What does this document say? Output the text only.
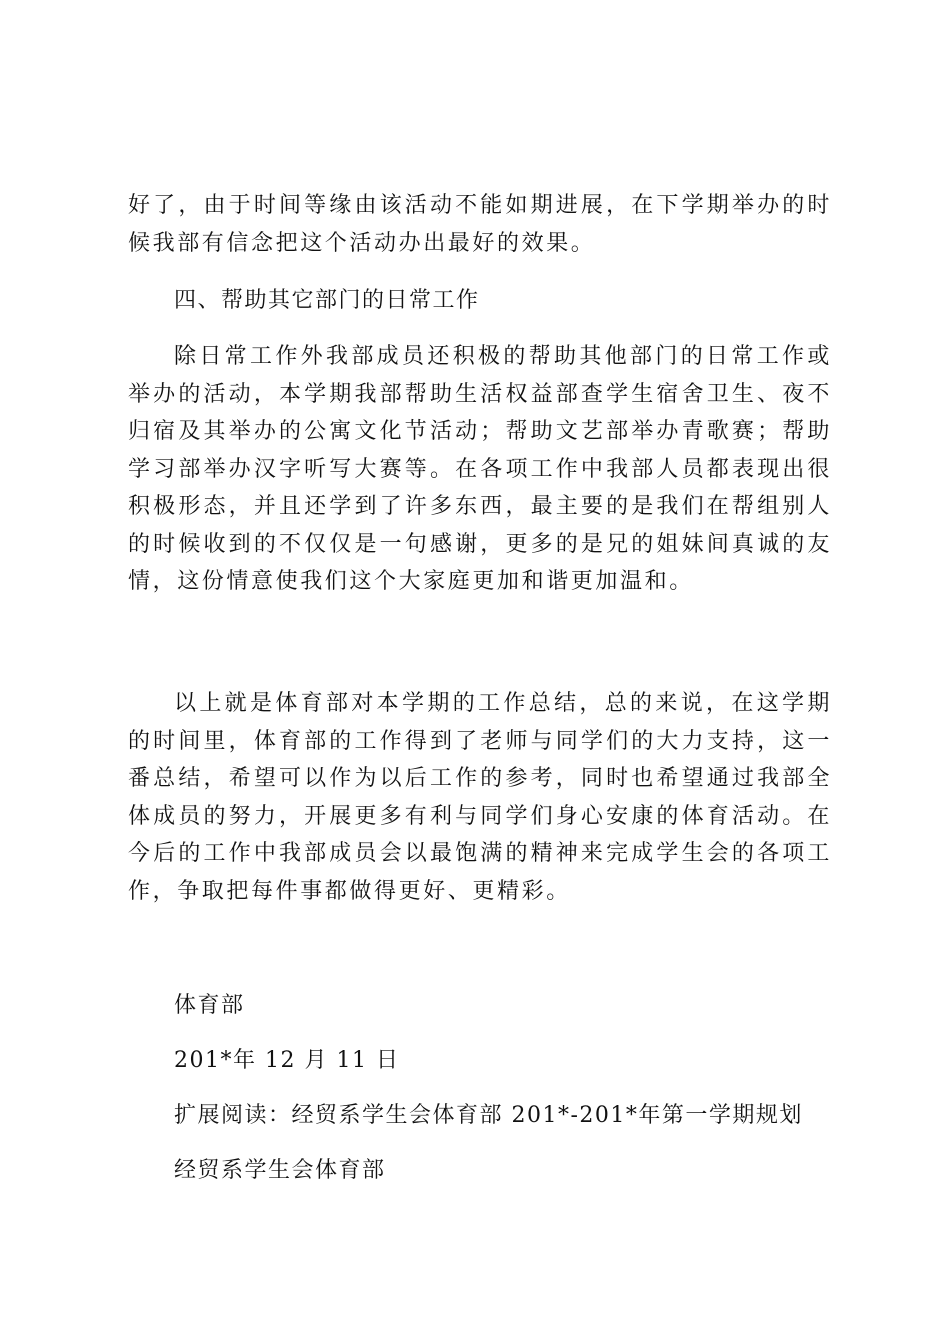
好了，由于时间等缘由该活动不能如期进展，在下学期举办的时候我部有信念把这个活动办出最好的效果。

四、帮助其它部门的日常工作

除日常工作外我部成员还积极的帮助其他部门的日常工作或举办的活动，本学期我部帮助生活权益部查学生宿舍卫生、夜不归宿及其举办的公寓文化节活动；帮助文艺部举办青歌赛；帮助学习部举办汉字听写大赛等。在各项工作中我部人员都表现出很积极形态，并且还学到了许多东西，最主要的是我们在帮组别人的时候收到的不仅仅是一句感谢，更多的是兄的姐妹间真诚的友情，这份情意使我们这个大家庭更加和谐更加温和。

以上就是体育部对本学期的工作总结，总的来说，在这学期的时间里，体育部的工作得到了老师与同学们的大力支持，这一番总结，希望可以作为以后工作的参考，同时也希望通过我部全体成员的努力，开展更多有利与同学们身心安康的体育活动。在今后的工作中我部成员会以最饱满的精神来完成学生会的各项工作，争取把每件事都做得更好、更精彩。

体育部

201*年 12 月 11 日

扩展阅读：经贸系学生会体育部 201*-201*年第一学期规划

经贸系学生会体育部
